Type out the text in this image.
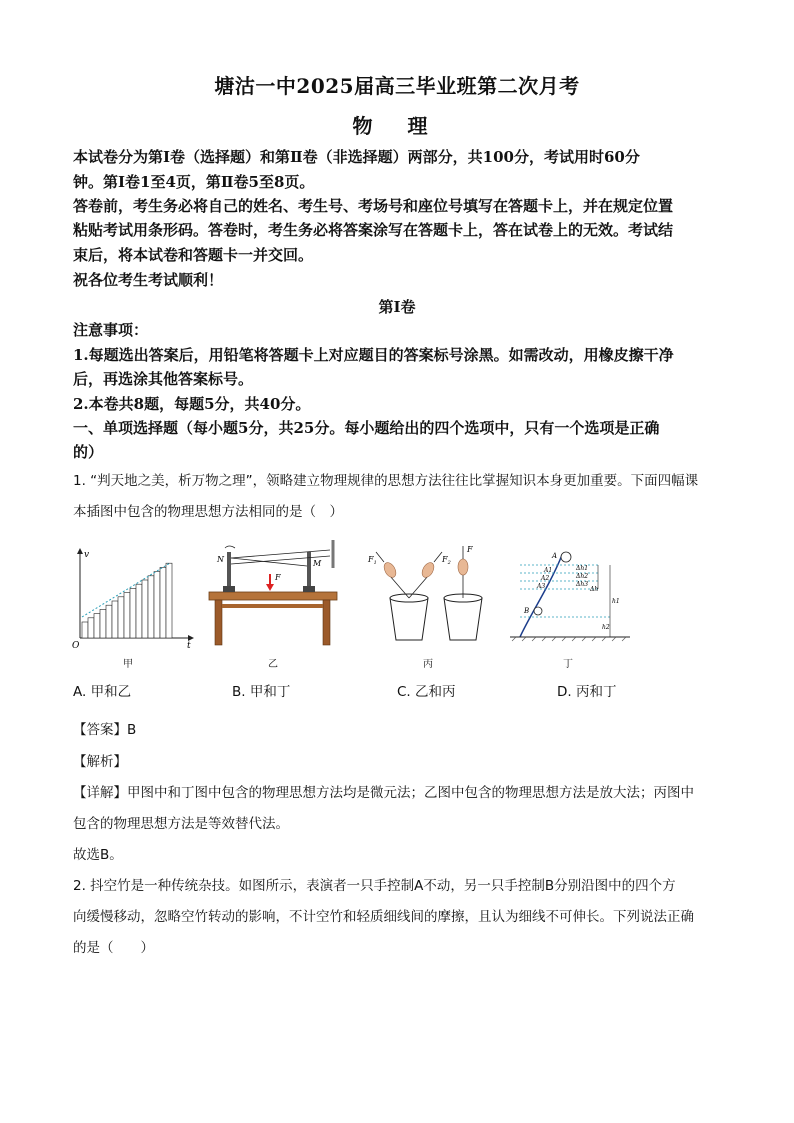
塘沽一中2025届高三毕业班第二次月考
物 理
本试卷分为第Ⅰ卷（选择题）和第Ⅱ卷（非选择题）两部分，共100分，考试用时60分
钟。第Ⅰ卷1至4页，第Ⅱ卷5至8页。
答卷前，考生务必将自己的姓名、考生号、考场号和座位号填写在答题卡上，并在规定位置
粘贴考试用条形码。答卷时，考生务必将答案涂写在答题卡上，答在试卷上的无效。考试结
束后，将本试卷和答题卡一并交回。
祝各位考生考试顺利！
第Ⅰ卷
注意事项：
1.每题选出答案后，用铅笔将答题卡上对应题目的答案标号涂黑。如需改动，用橡皮擦干净
后，再选涂其他答案标号。
2.本卷共8题，每题5分，共40分。
一、单项选择题（每小题5分，共25分。每小题给出的四个选项中，只有一个选项是正确
的）
1. “判天地之美，析万物之理”，领略建立物理规律的思想方法往往比掌握知识本身更加重要。下面四幅课
本插图中包含的物理思想方法相同的是（　）
v
t
O
甲
N	M
F
乙
$F_1$	$F_2$
F
丙
A
A1
A2
A3
B
Δh1
Δh2
Δh3
Δh
h1
h2
丁
A. 甲和乙	B. 甲和丁	C. 乙和丙	D. 丙和丁
【答案】B
【解析】
【详解】甲图中和丁图中包含的物理思想方法均是微元法；乙图中包含的物理思想方法是放大法；丙图中
包含的物理思想方法是等效替代法。
故选B。
2. 抖空竹是一种传统杂技。如图所示，表演者一只手控制A不动，另一只手控制B分别沿图中的四个方
向缓慢移动，忽略空竹转动的影响，不计空竹和轻质细线间的摩擦，且认为细线不可伸长。下列说法正确
的是（　　）
